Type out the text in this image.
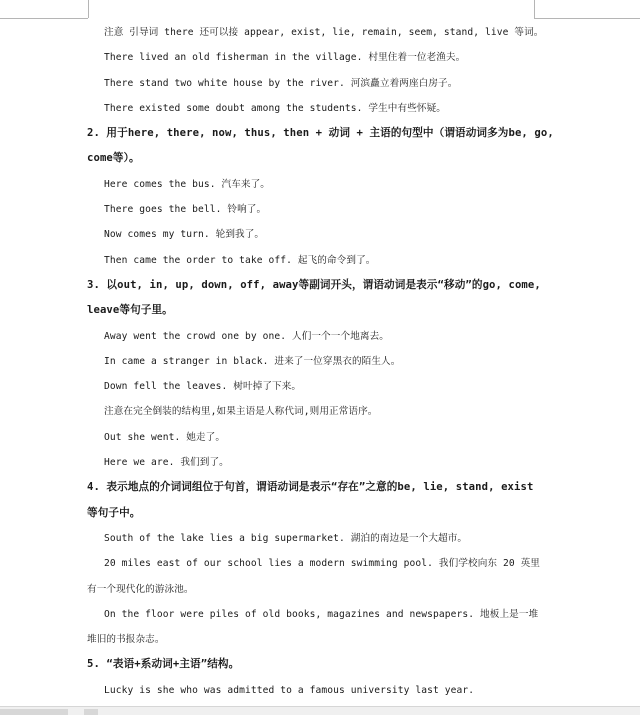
注意 引导词 there 还可以接 appear, exist, lie, remain, seem, stand, live 等词。
There lived an old fisherman in the village. 村里住着一位老渔夫。
There stand two white house by the river. 河滨矗立着两座白房子。
There existed some doubt among the students. 学生中有些怀疑。
2. 用于here, there, now, thus, then + 动词 + 主语的句型中（谓语动词多为be, go,
come等）。
Here comes the bus. 汽车来了。
There goes the bell. 铃响了。
Now comes my turn. 轮到我了。
Then came the order to take off. 起飞的命令到了。
3. 以out, in, up, down, off, away等副词开头，谓语动词是表示“移动”的go, come,
leave等句子里。
Away went the crowd one by one. 人们一个一个地离去。
In came a stranger in black. 进来了一位穿黑衣的陌生人。
Down fell the leaves. 树叶掉了下来。
注意在完全倒装的结构里,如果主语是人称代词,则用正常语序。
Out she went. 她走了。
Here we are. 我们到了。
4. 表示地点的介词词组位于句首，谓语动词是表示“存在”之意的be, lie, stand, exist
等句子中。
South of the lake lies a big supermarket. 湖泊的南边是一个大超市。
20 miles east of our school lies a modern swimming pool. 我们学校向东 20 英里
有一个现代化的游泳池。
On the floor were piles of old books, magazines and newspapers. 地板上是一堆
堆旧的书报杂志。
5. “表语+系动词+主语”结构。
Lucky is she who was admitted to a famous university last year.
